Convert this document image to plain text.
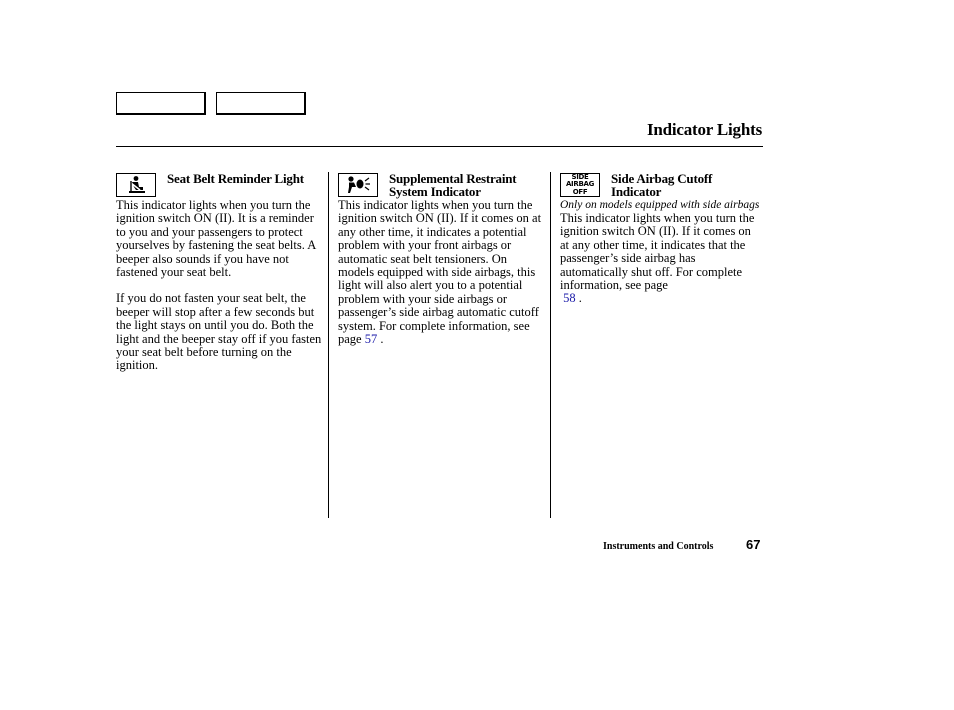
Indicator Lights
Seat Belt Reminder Light

This indicator lights when you turn the ignition switch ON (II). It is a reminder to you and your passengers to protect yourselves by fastening the seat belts. A beeper also sounds if you have not fastened your seat belt.

If you do not fasten your seat belt, the beeper will stop after a few seconds but the light stays on until you do. Both the light and the beeper stay off if you fasten your seat belt before turning on the ignition.

Supplemental Restraint
System Indicator

This indicator lights when you turn the ignition switch ON (II). If it comes on at any other time, it indicates a potential problem with your front airbags or automatic seat belt tensioners. On models equipped with side airbags, this light will also alert you to a potential problem with your side airbags or passenger’s side airbag automatic cutoff system. For complete information, see page 57 .

SIDE
AIRBAG
OFF
Side Airbag Cutoff
Indicator
Only on models equipped with side airbags

This indicator lights when you turn the ignition switch ON (II). If it comes on at any other time, it indicates that the passenger’s side airbag has automatically shut off. For complete information, see page
58 .

Instruments and Controls	67
